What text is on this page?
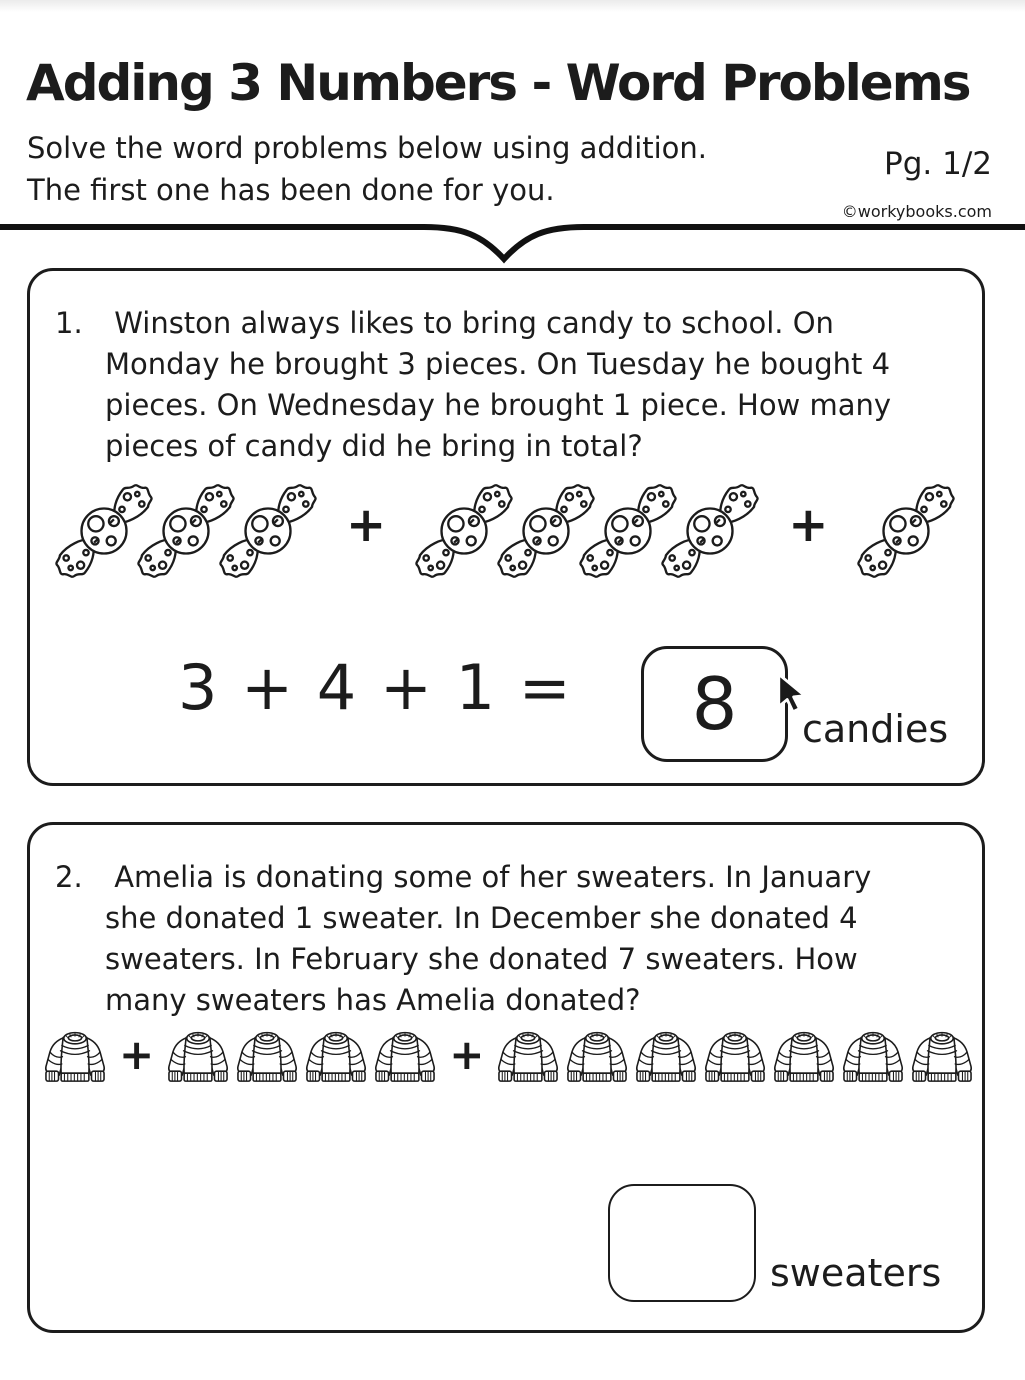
Adding 3 Numbers - Word Problems
Solve the word problems below using addition.
The first one has been done for you.
Pg. 1/2
©workybooks.com
1. Winston always likes to bring candy to school. On
Monday he brought 3 pieces. On Tuesday he bought 4
pieces. On Wednesday he brought 1 piece. How many
pieces of candy did he bring in total?
+	+
3 + 4 + 1 =	8	candies
2. Amelia is donating some of her sweaters. In January
she donated 1 sweater. In December she donated 4
sweaters. In February she donated 7 sweaters. How
many sweaters has Amelia donated?
+	+
sweaters
